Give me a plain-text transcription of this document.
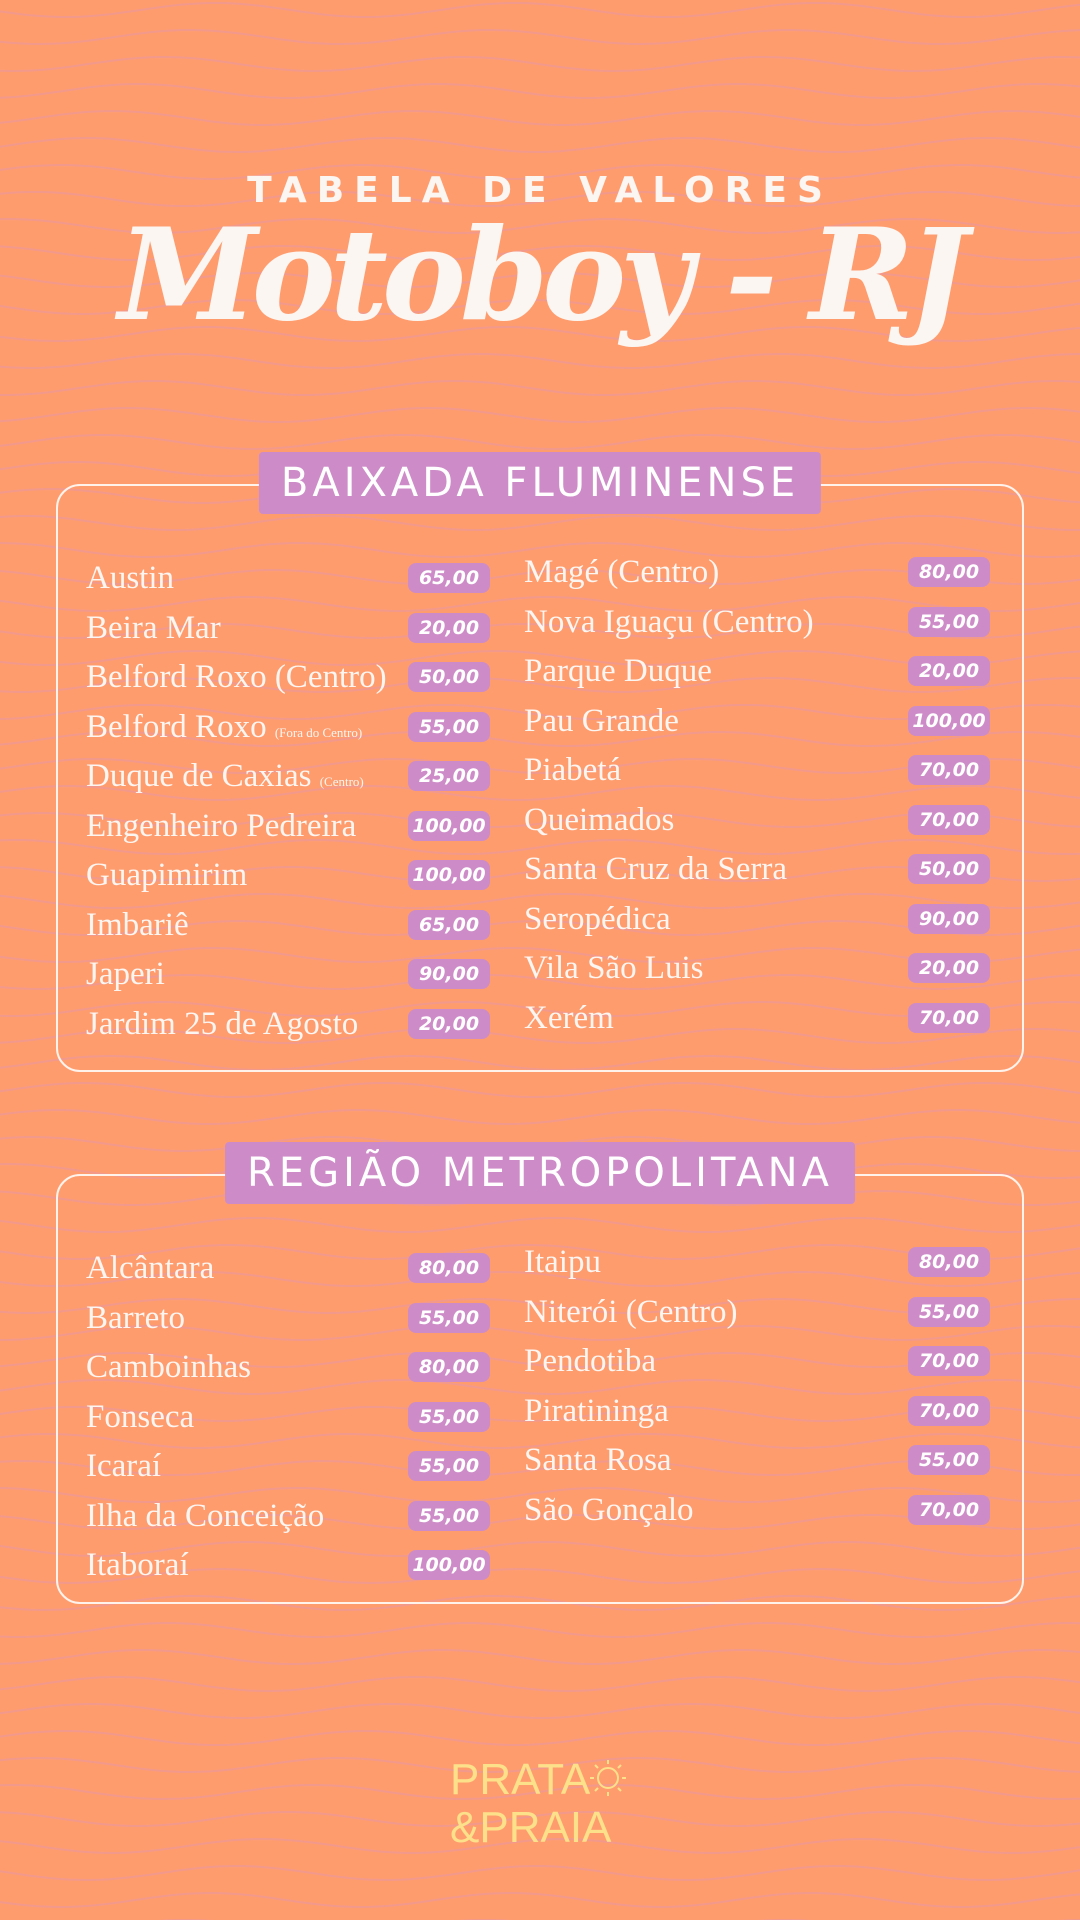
TABELA DE VALORES
Motoboy - RJ
BAIXADA FLUMINENSE
Austin	65,00
Beira Mar	20,00
Belford Roxo (Centro)	50,00
Belford Roxo (Fora do Centro)	55,00
Duque de Caxias (Centro)	25,00
Engenheiro Pedreira	100,00
Guapimirim	100,00
Imbariê	65,00
Japeri	90,00
Jardim 25 de Agosto	20,00
Magé (Centro)	80,00
Nova Iguaçu (Centro)	55,00
Parque Duque	20,00
Pau Grande	100,00
Piabetá	70,00
Queimados	70,00
Santa Cruz da Serra	50,00
Seropédica	90,00
Vila São Luis	20,00
Xerém	70,00
REGIÃO METROPOLITANA
Alcântara	80,00
Barreto	55,00
Camboinhas	80,00
Fonseca	55,00
Icaraí	55,00
Ilha da Conceição	55,00
Itaboraí	100,00
Itaipu	80,00
Niterói (Centro)	55,00
Pendotiba	70,00
Piratininga	70,00
Santa Rosa	55,00
São Gonçalo	70,00
PRATA
&PRAIA
